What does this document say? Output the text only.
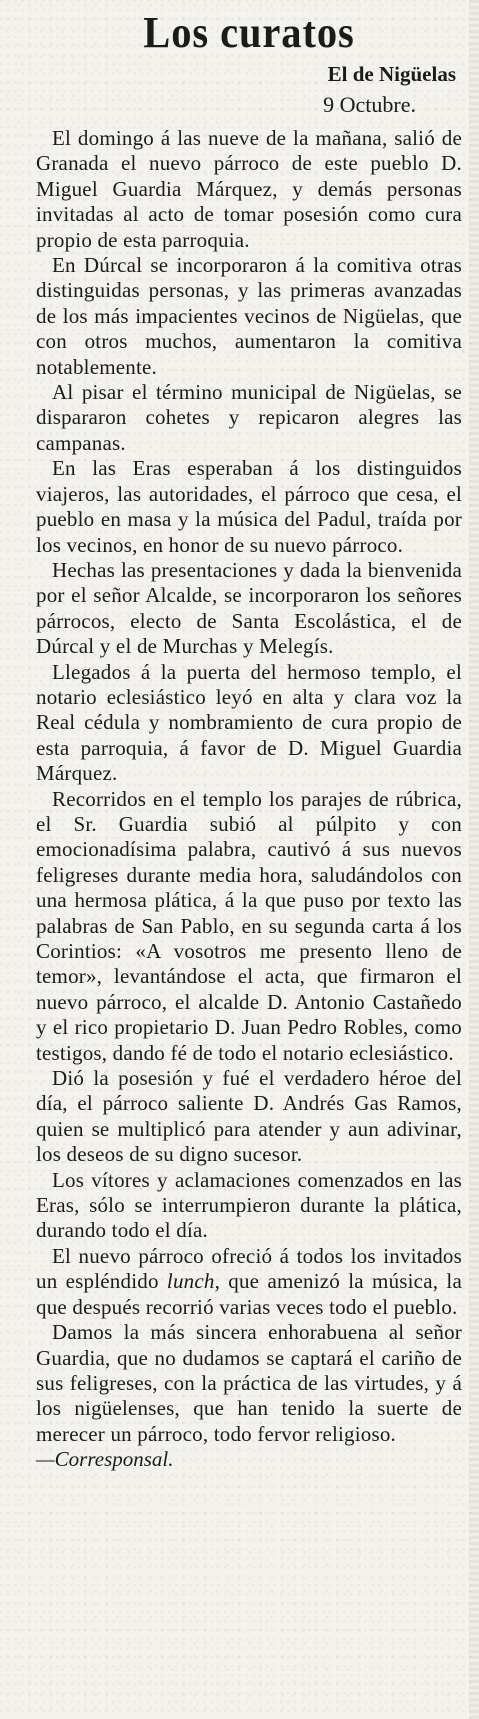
Los curatos

El de Nigüelas

9 Octubre.

El domingo á las nueve de la mañana, salió de Granada el nuevo párroco de este pueblo D. Miguel Guardia Márquez, y demás personas invitadas al acto de tomar posesión como cura propio de esta parroquia.

En Dúrcal se incorporaron á la comitiva otras distinguidas personas, y las primeras avanzadas de los más impacientes vecinos de Nigüelas, que con otros muchos, aumentaron la comitiva notablemente.

Al pisar el término municipal de Nigüelas, se dispararon cohetes y repicaron alegres las campanas.

En las Eras esperaban á los distinguidos viajeros, las autoridades, el párroco que cesa, el pueblo en masa y la música del Padul, traída por los vecinos, en honor de su nuevo párroco.

Hechas las presentaciones y dada la bienvenida por el señor Alcalde, se incorporaron los señores párrocos, electo de Santa Escolástica, el de Dúrcal y el de Murchas y Melegís.

Llegados á la puerta del hermoso templo, el notario eclesiástico leyó en alta y clara voz la Real cédula y nombramiento de cura propio de esta parroquia, á favor de D. Miguel Guardia Márquez.

Recorridos en el templo los parajes de rúbrica, el Sr. Guardia subió al púlpito y con emocionadísima palabra, cautivó á sus nuevos feligreses durante media hora, saludándolos con una hermosa plática, á la que puso por texto las palabras de San Pablo, en su segunda carta á los Corintios: «A vosotros me presento lleno de temor», levantándose el acta, que firmaron el nuevo párroco, el alcalde D. Antonio Castañedo y el rico propietario D. Juan Pedro Robles, como testigos, dando fé de todo el notario eclesiástico.

Dió la posesión y fué el verdadero héroe del día, el párroco saliente D. Andrés Gas Ramos, quien se multiplicó para atender y aun adivinar, los deseos de su digno sucesor.

Los vítores y aclamaciones comenzados en las Eras, sólo se interrumpieron durante la plática, durando todo el día.

El nuevo párroco ofreció á todos los invitados un espléndido lunch, que amenizó la música, la que después recorrió varias veces todo el pueblo.

Damos la más sincera enhorabuena al señor Guardia, que no dudamos se captará el cariño de sus feligreses, con la práctica de las virtudes, y á los nigüelenses, que han tenido la suerte de merecer un párroco, todo fervor religioso.

—Corresponsal.
